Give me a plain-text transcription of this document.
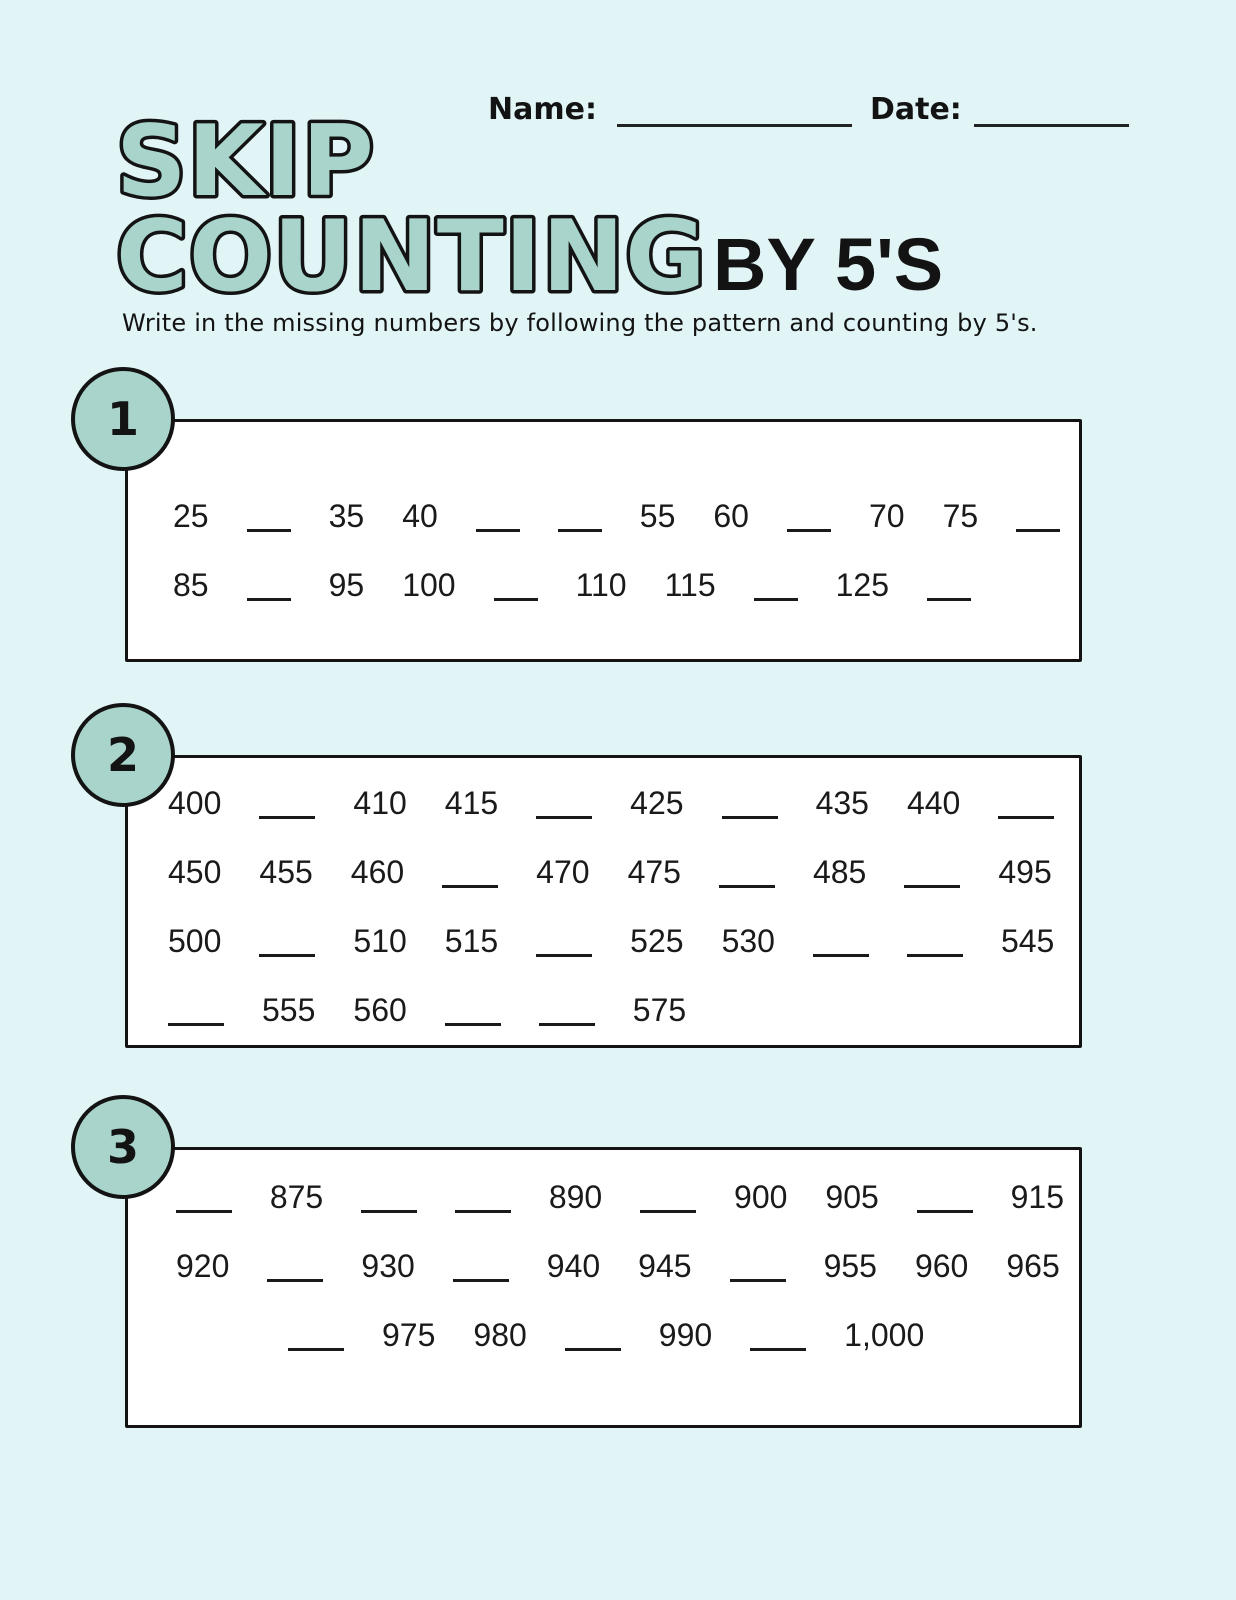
Name:	Date:
SKIP
COUNTING BY 5'S

Write in the missing numbers by following the pattern and counting by 5's.

1
25	35 40	55 60	70 75
85	95 100	110 115	125
2
400	410 415	425	435 440
450 455 460	470 475	485	495
500	510 515	525 530	545
555 560	575
3
875	890	900 905	915
920	930	940 945	955 960 965
975 980	990	1,000
